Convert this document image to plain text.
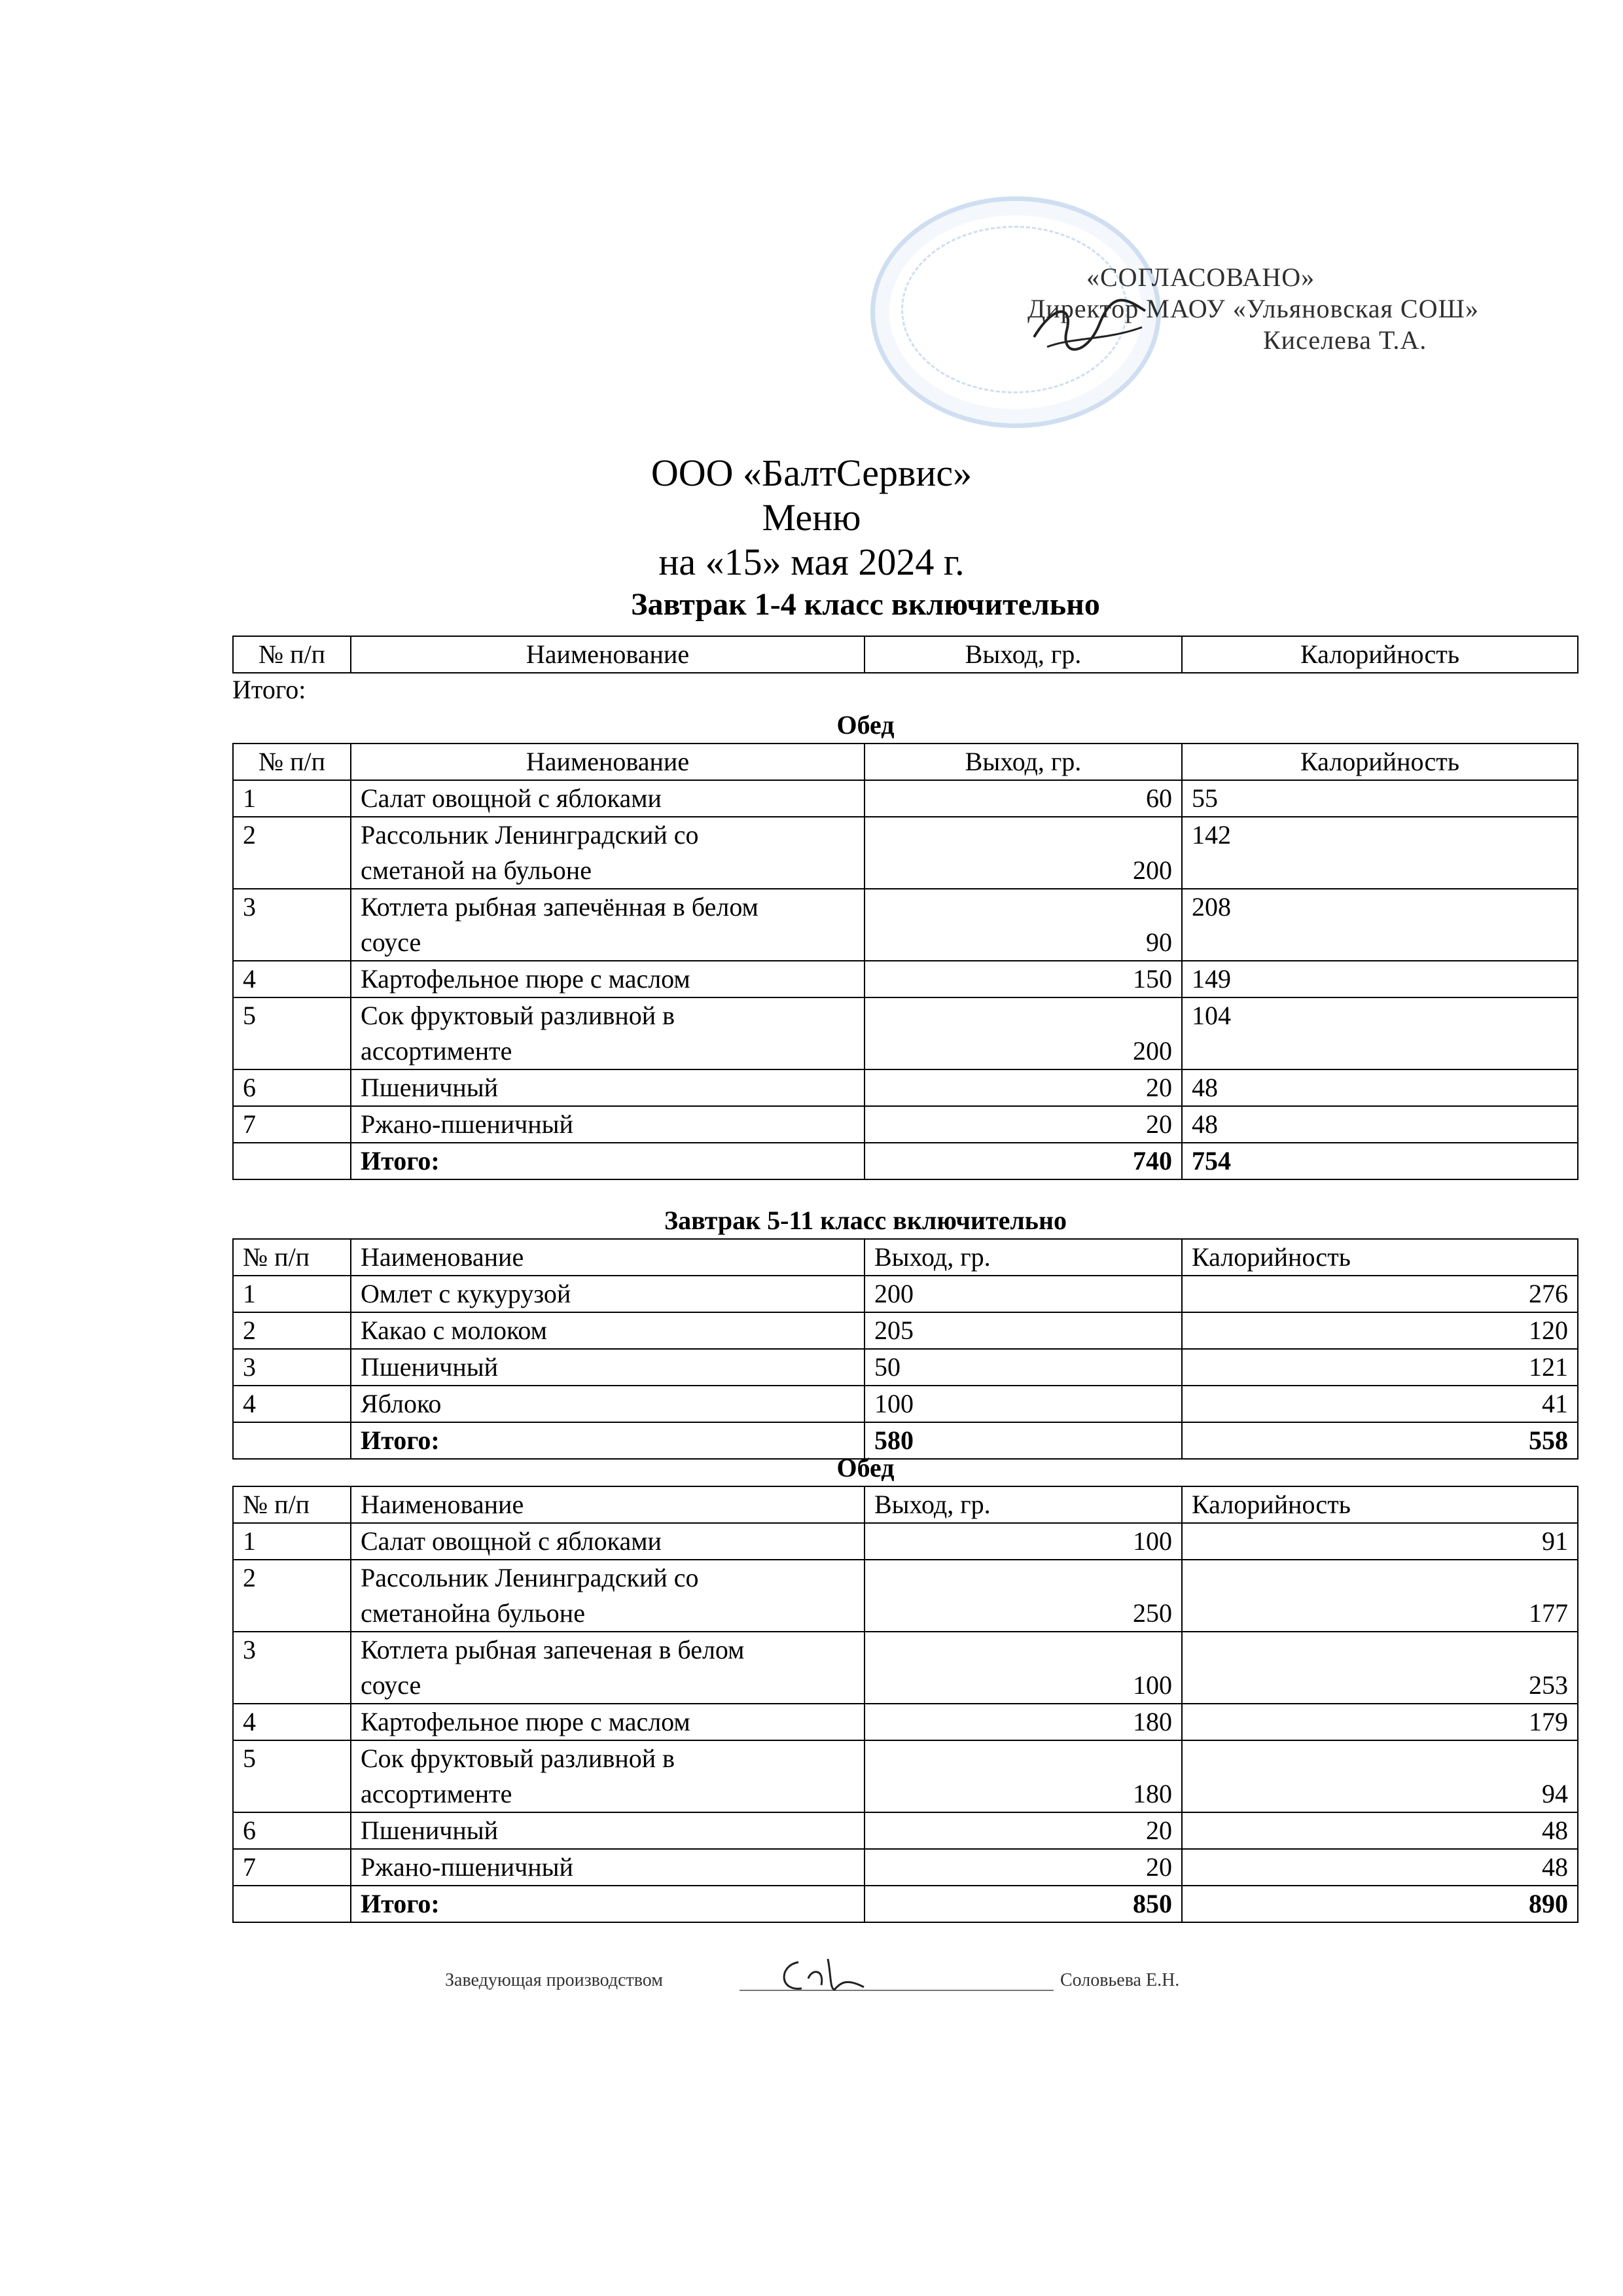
«СОГЛАСОВАНО»
Директор МАОУ «Ульяновская СОШ»
Киселева Т.А.
ООО «БалтСервис»
Меню
на «15» мая 2024 г.
Завтрак 1-4 класс включительно
№ п/п	Наименование	Выход, гр.	Калорийность
Итого:
Обед
№ п/п	Наименование	Выход, гр.	Калорийность
1	Салат овощной с яблоками	60	55
2	Рассольник Ленинградский со
сметаной на бульоне	200	142
3	Котлета рыбная запечённая в белом
соусе	90	208
4	Картофельное пюре с маслом	150	149
5	Сок фруктовый разливной в
ассортименте	200	104
6	Пшеничный	20	48
7	Ржано-пшеничный	20	48
	Итого:	740	754
Завтрак 5-11 класс включительно
№ п/п	Наименование	Выход, гр.	Калорийность
1	Омлет с кукурузой	200	276
2	Какао с молоком	205	120
3	Пшеничный	50	121
4	Яблоко	100	41
	Итого:	580	558
Обед
№ п/п	Наименование	Выход, гр.	Калорийность
1	Салат овощной с яблоками	100	91
2	Рассольник Ленинградский со
сметанойна бульоне	250	177
3	Котлета рыбная запеченая в белом
соусе	100	253
4	Картофельное пюре с маслом	180	179
5	Сок фруктовый разливной в
ассортименте	180	94
6	Пшеничный	20	48
7	Ржано-пшеничный	20	48
	Итого:	850	890
Заведующая производством	Соловьева Е.Н.
